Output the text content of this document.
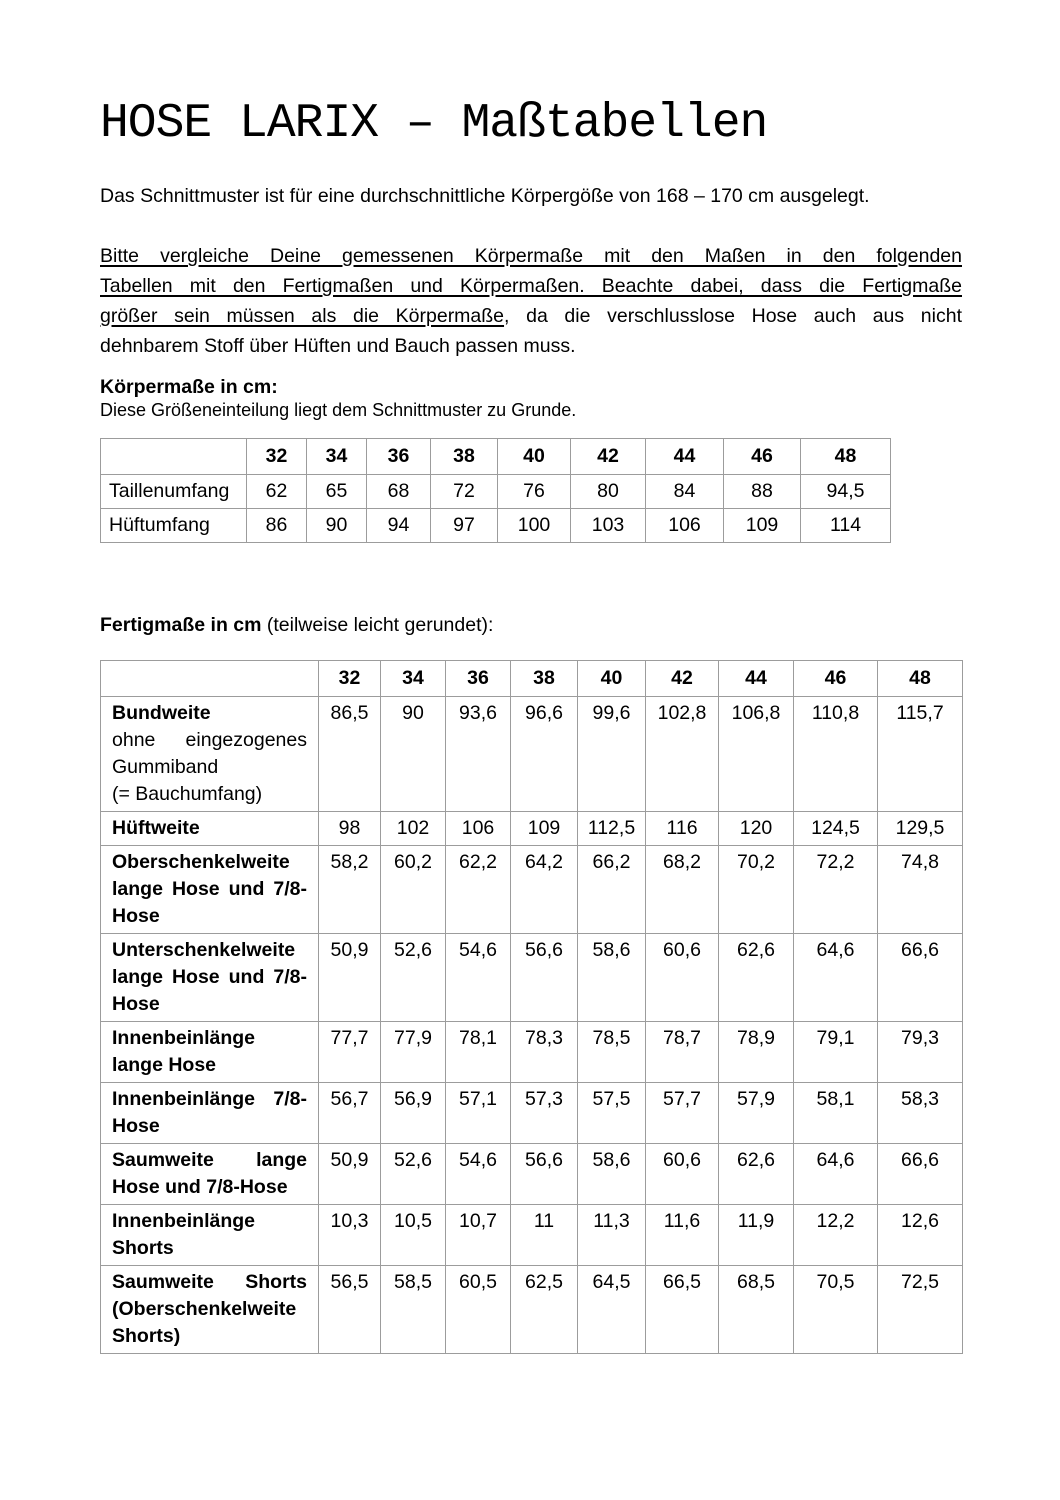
HOSE LARIX – Maßtabellen

Das Schnittmuster ist für eine durchschnittliche Körpergöße von 168 – 170 cm ausgelegt.

Bitte vergleiche Deine gemessenen Körpermaße mit den Maßen in den folgenden
Tabellen mit den Fertigmaßen und Körpermaßen. Beachte dabei, dass die Fertigmaße
größer sein müssen als die Körpermaße, da die verschlusslose Hose auch aus nicht
dehnbarem Stoff über Hüften und Bauch passen muss.
Körpermaße in cm:

Diese Größeneinteilung liegt dem Schnittmuster zu Grunde.

	32	34	36	38	40	42	44	46	48

Taillenumfang	62	65	68	72	76	80	84	88	94,5

Hüftumfang	86	90	94	97	100	103	106	109	114
Fertigmaße in cm (teilweise leicht gerundet):
	32	34	36	38	40	42	44	46	48

Bundweite
ohne eingezogenes Gummiband
(= Bauchumfang)	86,5	90	93,6	96,6	99,6	102,8	106,8	110,8	115,7

Hüftweite	98	102	106	109	112,5	116	120	124,5	129,5

Oberschenkelweite lange Hose und 7/8-Hose	58,2	60,2	62,2	64,2	66,2	68,2	70,2	72,2	74,8

Unterschenkelweite lange Hose und 7/8-Hose	50,9	52,6	54,6	56,6	58,6	60,6	62,6	64,6	66,6

Innenbeinlänge lange Hose	77,7	77,9	78,1	78,3	78,5	78,7	78,9	79,1	79,3

Innenbeinlänge 7/8-Hose	56,7	56,9	57,1	57,3	57,5	57,7	57,9	58,1	58,3

Saumweite lange Hose und 7/8-Hose	50,9	52,6	54,6	56,6	58,6	60,6	62,6	64,6	66,6

Innenbeinlänge Shorts	10,3	10,5	10,7	11	11,3	11,6	11,9	12,2	12,6

Saumweite Shorts (Oberschenkelweite Shorts)	56,5	58,5	60,5	62,5	64,5	66,5	68,5	70,5	72,5
